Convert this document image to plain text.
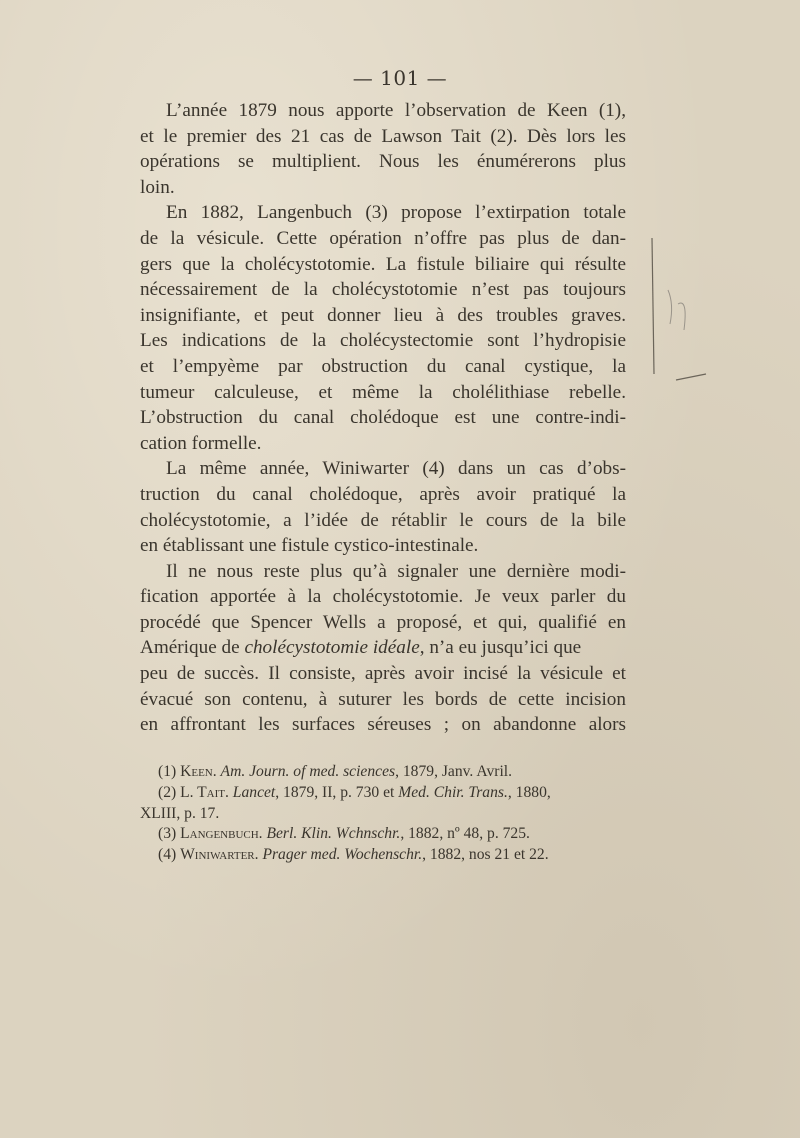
— 101 —
L’année 1879 nous apporte l’observation de Keen (1),
et le premier des 21 cas de Lawson Tait (2). Dès lors les
opérations se multiplient. Nous les énumérerons plus
loin.
En 1882, Langenbuch (3) propose l’extirpation totale
de la vésicule. Cette opération n’offre pas plus de dan-
gers que la cholécystotomie. La fistule biliaire qui résulte
nécessairement de la cholécystotomie n’est pas toujours
insignifiante, et peut donner lieu à des troubles graves.
Les indications de la cholécystectomie sont l’hydropisie
et l’empyème par obstruction du canal cystique, la
tumeur calculeuse, et même la cholélithiase rebelle.
L’obstruction du canal cholédoque est une contre-indi-
cation formelle.
La même année, Winiwarter (4) dans un cas d’obs-
truction du canal cholédoque, après avoir pratiqué la
cholécystotomie, a l’idée de rétablir le cours de la bile
en établissant une fistule cystico-intestinale.
Il ne nous reste plus qu’à signaler une dernière modi-
fication apportée à la cholécystotomie. Je veux parler du
procédé que Spencer Wells a proposé, et qui, qualifié en
Amérique de cholécystotomie idéale, n’a eu jusqu’ici que
peu de succès. Il consiste, après avoir incisé la vésicule et
évacué son contenu, à suturer les bords de cette incision
en affrontant les surfaces séreuses ; on abandonne alors
(1) Keen. Am. Journ. of med. sciences, 1879, Janv. Avril.
(2) L. Tait. Lancet, 1879, II, p. 730 et Med. Chir. Trans., 1880,
XLIII, p. 17.
(3) Langenbuch. Berl. Klin. Wchnschr., 1882, nº 48, p. 725.
(4) Winiwarter. Prager med. Wochenschr., 1882, nos 21 et 22.
